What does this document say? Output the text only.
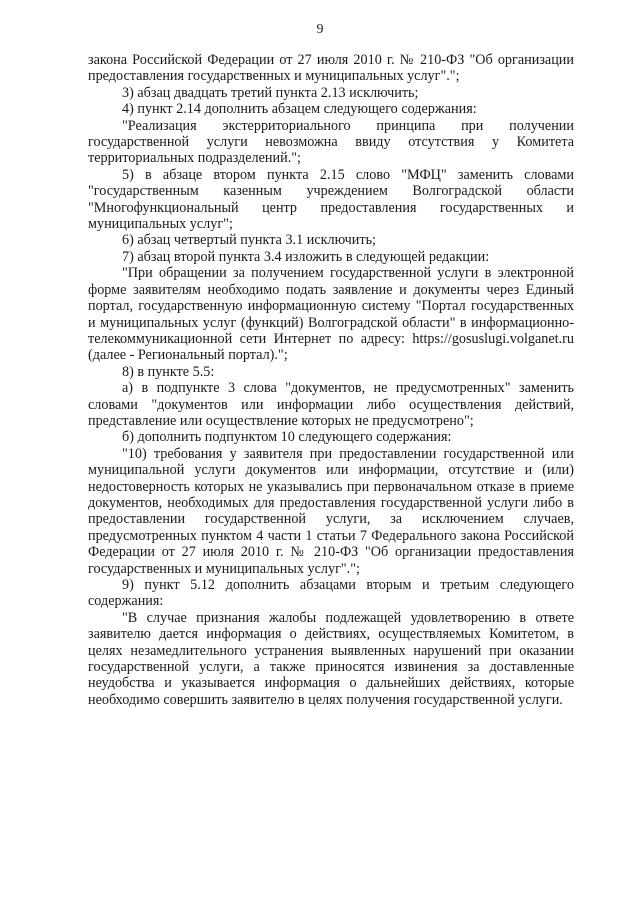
9

закона Российской Федерации от 27 июля 2010 г. № 210-ФЗ "Об организации предоставления государственных и муниципальных услуг".";

3) абзац двадцать третий пункта 2.13 исключить;

4) пункт 2.14 дополнить абзацем следующего содержания:

"Реализация экстерриториального принципа при получении государственной услуги невозможна ввиду отсутствия у Комитета территориальных подразделений.";

5) в абзаце втором пункта 2.15 слово "МФЦ" заменить словами "государственным казенным учреждением Волгоградской области "Многофункциональный центр предоставления государственных и муниципальных услуг";

6) абзац четвертый пункта 3.1 исключить;

7) абзац второй пункта 3.4 изложить в следующей редакции:

"При обращении за получением государственной услуги в электронной форме заявителям необходимо подать заявление и документы через Единый портал, государственную информационную систему "Портал государственных и муниципальных услуг (функций) Волгоградской области" в информационно-телекоммуникационной сети Интернет по адресу: https://gosuslugi.volganet.ru (далее - Региональный портал).";

8) в пункте 5.5:

а) в подпункте 3 слова "документов, не предусмотренных" заменить словами "документов или информации либо осуществления действий, представление или осуществление которых не предусмотрено";

б) дополнить подпунктом 10 следующего содержания:

"10) требования у заявителя при предоставлении государственной или муниципальной услуги документов или информации, отсутствие и (или) недостоверность которых не указывались при первоначальном отказе в приеме документов, необходимых для предоставления государственной услуги либо в предоставлении государственной услуги, за исключением случаев, предусмотренных пунктом 4 части 1 статьи 7 Федерального закона Российской Федерации от 27 июля 2010 г. № 210-ФЗ "Об организации предоставления государственных и муниципальных услуг".";

9) пункт 5.12 дополнить абзацами вторым и третьим следующего содержания:

"В случае признания жалобы подлежащей удовлетворению в ответе заявителю дается информация о действиях, осуществляемых Комитетом, в целях незамедлительного устранения выявленных нарушений при оказании государственной услуги, а также приносятся извинения за доставленные неудобства и указывается информация о дальнейших действиях, которые необходимо совершить заявителю в целях получения государственной услуги.
